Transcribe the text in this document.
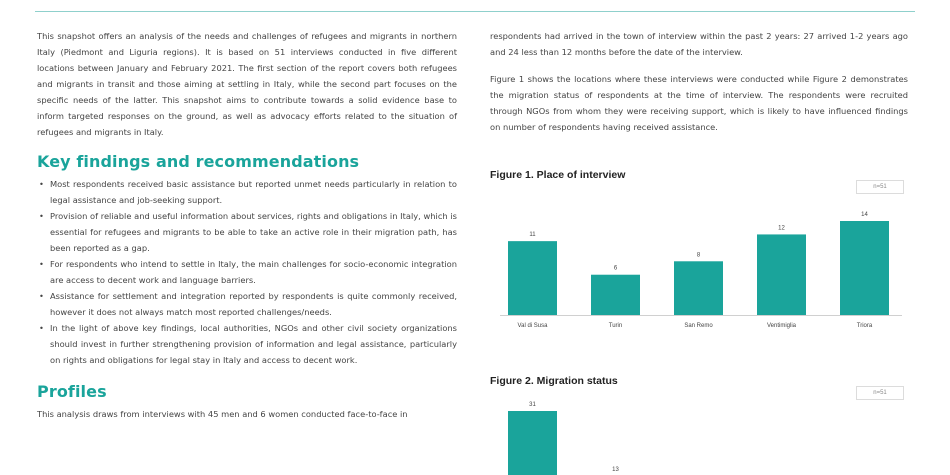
This snapshot offers an analysis of the needs and challenges of refugees and migrants in northern Italy (Piedmont and Liguria regions). It is based on 51 interviews conducted in five different locations between January and February 2021. The first section of the report covers both refugees and migrants in transit and those aiming at settling in Italy, while the second part focuses on the specific needs of the latter. This snapshot aims to contribute towards a solid evidence base to inform targeted responses on the ground, as well as advocacy efforts related to the situation of refugees and migrants in Italy.

Key findings and recommendations
• Most respondents received basic assistance but reported unmet needs particularly in relation to legal assistance and job-seeking support.
• Provision of reliable and useful information about services, rights and obligations in Italy, which is essential for refugees and migrants to be able to take an active role in their migration path, has been reported as a gap.
• For respondents who intend to settle in Italy, the main challenges for socio-economic integration are access to decent work and language barriers.
• Assistance for settlement and integration reported by respondents is quite commonly received, however it does not always match most reported challenges/needs.
• In the light of above key findings, local authorities, NGOs and other civil society organizations should invest in further strengthening provision of information and legal assistance, particularly on rights and obligations for legal stay in Italy and access to decent work.
Profiles

This analysis draws from interviews with 45 men and 6 women conducted face-to-face in

respondents had arrived in the town of interview within the past 2 years: 27 arrived 1-2 years ago and 24 less than 12 months before the date of the interview.

Figure 1 shows the locations where these interviews were conducted while Figure 2 demonstrates the migration status of respondents at the time of interview. The respondents were recruited through NGOs from whom they were receiving support, which is likely to have influenced findings on number of respondents having received assistance.

Figure 1. Place of interview
n=51
11
Val di Susa
6
Turin
8
San Remo
12
Ventimiglia
14
Triora
Figure 2. Migration status
n=51
31
13
